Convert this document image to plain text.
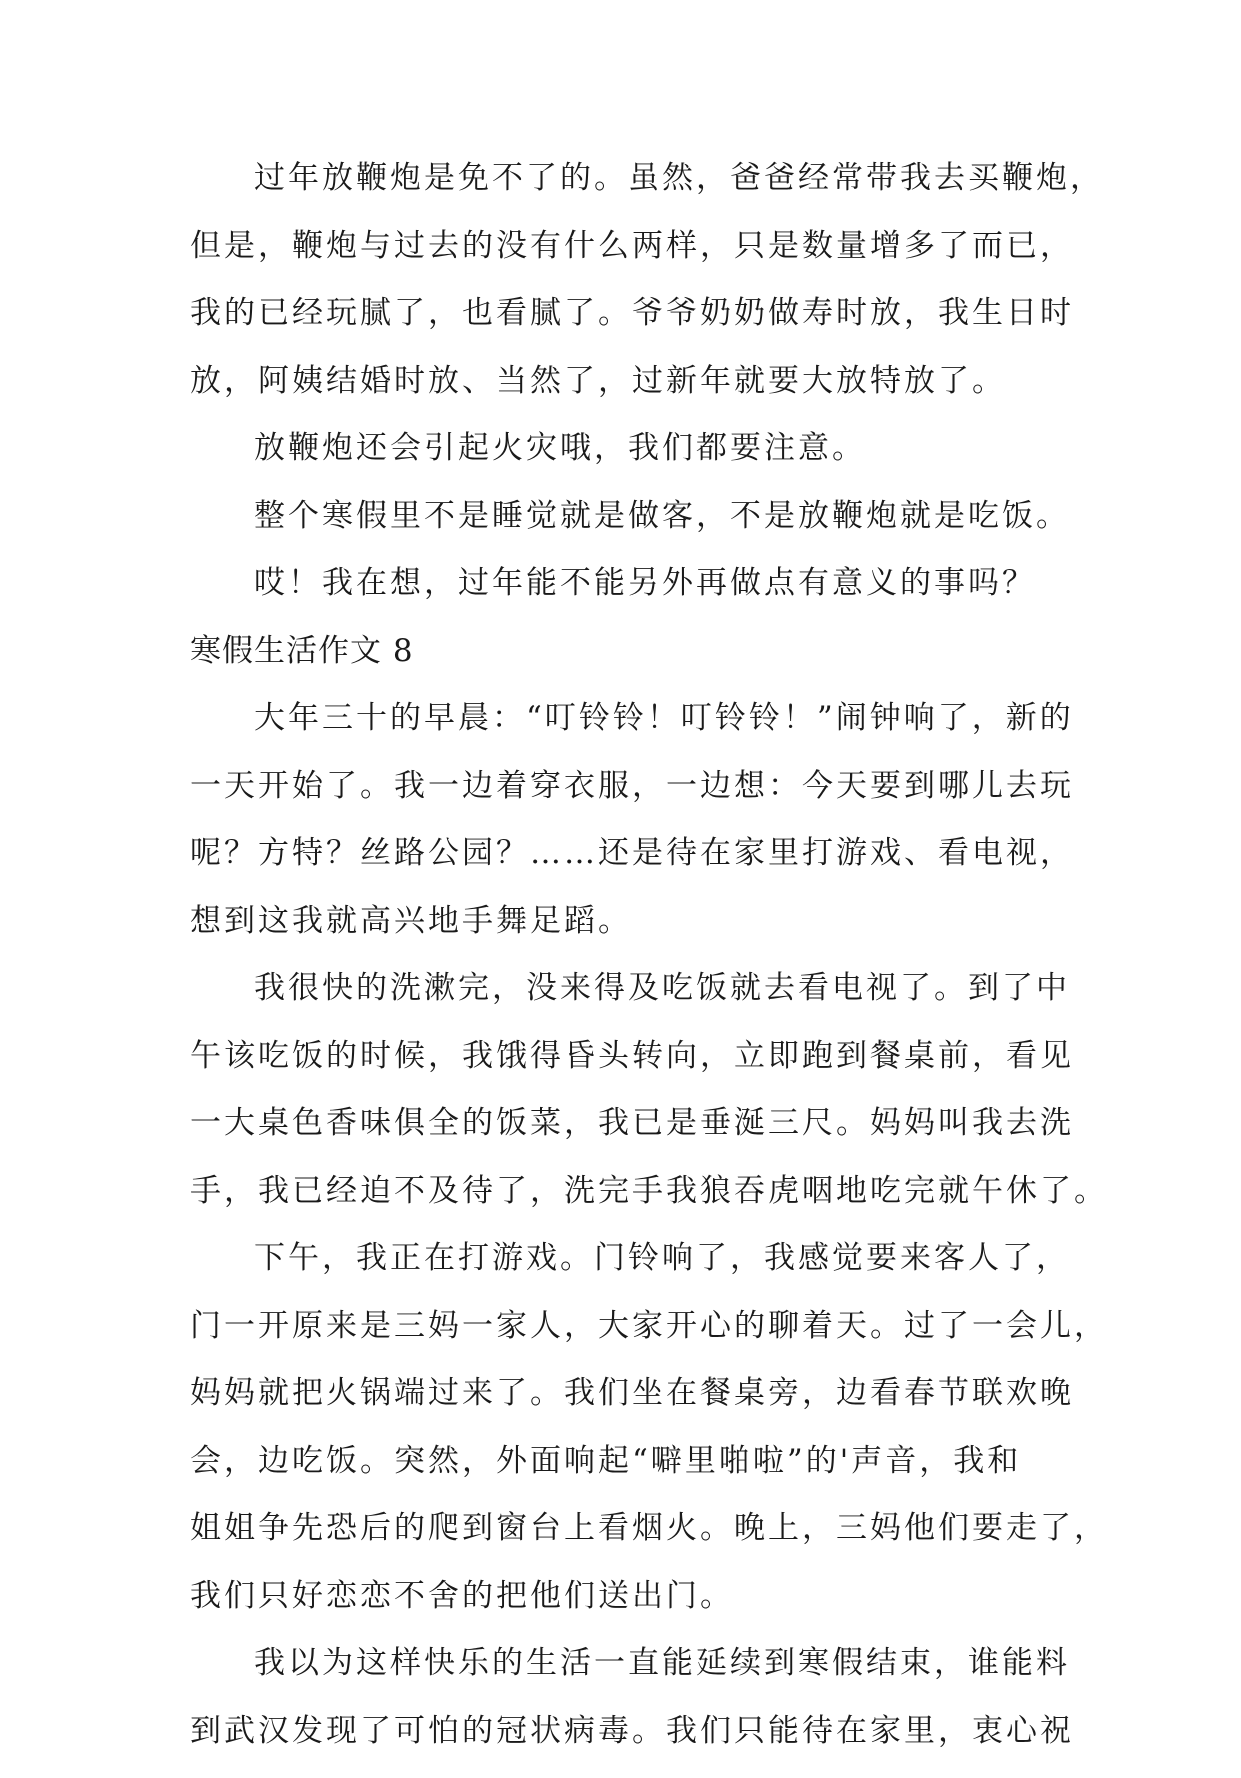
过年放鞭炮是免不了的。虽然，爸爸经常带我去买鞭炮，
但是，鞭炮与过去的没有什么两样，只是数量增多了而已，
我的已经玩腻了，也看腻了。爷爷奶奶做寿时放，我生日时
放，阿姨结婚时放、当然了，过新年就要大放特放了。
放鞭炮还会引起火灾哦，我们都要注意。
整个寒假里不是睡觉就是做客，不是放鞭炮就是吃饭。
哎！我在想，过年能不能另外再做点有意义的事吗？
寒假生活作文 8
大年三十的早晨：“叮铃铃！叮铃铃！”闹钟响了，新的
一天开始了。我一边着穿衣服，一边想：今天要到哪儿去玩
呢？方特？丝路公园？……还是待在家里打游戏、看电视，
想到这我就高兴地手舞足蹈。
我很快的洗漱完，没来得及吃饭就去看电视了。到了中
午该吃饭的时候，我饿得昏头转向，立即跑到餐桌前，看见
一大桌色香味俱全的饭菜，我已是垂涎三尺。妈妈叫我去洗
手，我已经迫不及待了，洗完手我狼吞虎咽地吃完就午休了。
下午，我正在打游戏。门铃响了，我感觉要来客人了，
门一开原来是三妈一家人，大家开心的聊着天。过了一会儿，
妈妈就把火锅端过来了。我们坐在餐桌旁，边看春节联欢晚
会，边吃饭。突然，外面响起“噼里啪啦”的'声音，我和
姐姐争先恐后的爬到窗台上看烟火。晚上，三妈他们要走了，
我们只好恋恋不舍的把他们送出门。
我以为这样快乐的生活一直能延续到寒假结束，谁能料
到武汉发现了可怕的冠状病毒。我们只能待在家里，衷心祝
